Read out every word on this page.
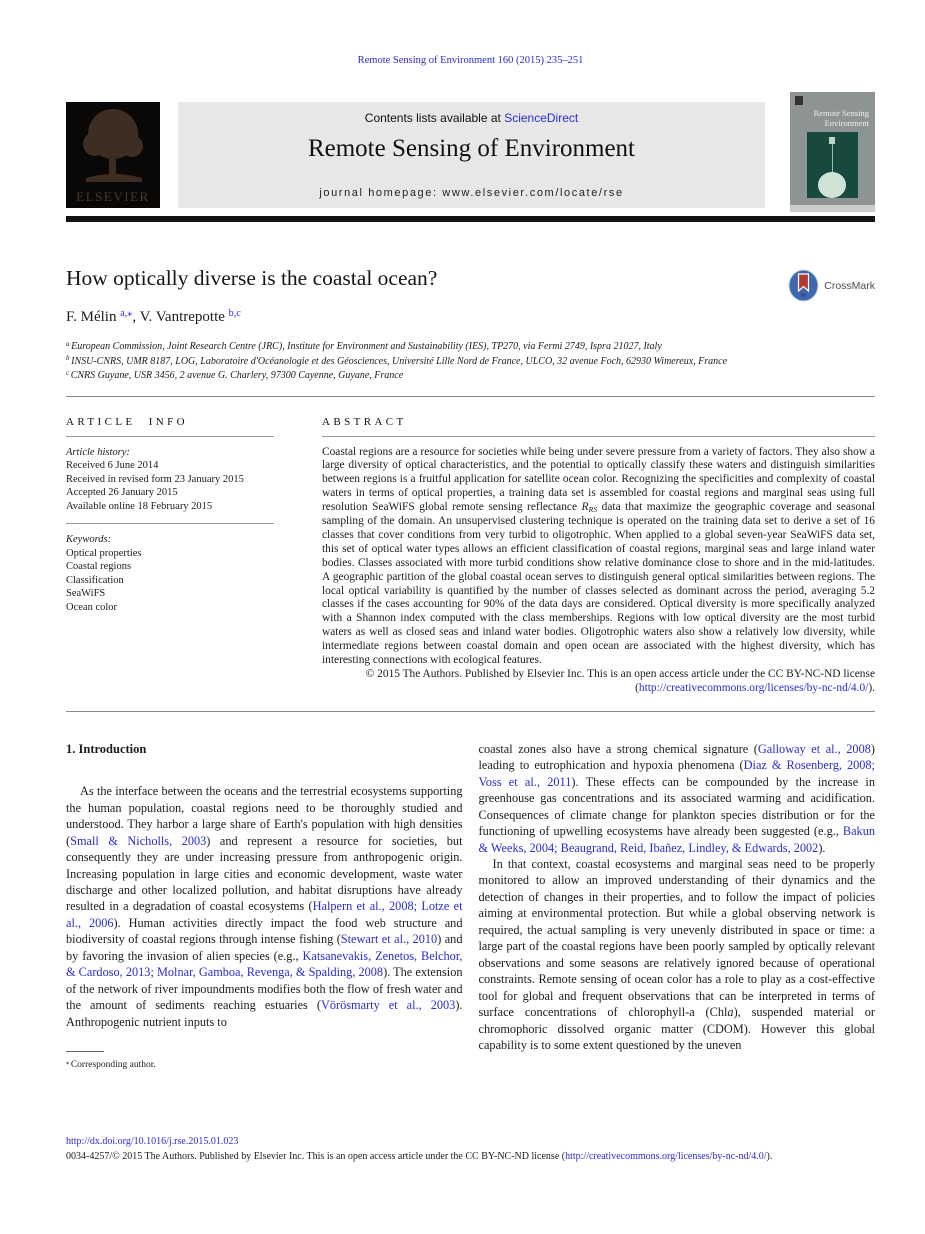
Remote Sensing of Environment 160 (2015) 235–251
ELSEVIER
Contents lists available at ScienceDirect
Remote Sensing of Environment
journal homepage: www.elsevier.com/locate/rse
Remote Sensing
Environment
How optically diverse is the coastal ocean?	CrossMark
F. Mélin $^{a,⁎}$, V. Vantrepotte $^{b,c}$
$^a$ European Commission, Joint Research Centre (JRC), Institute for Environment and Sustainability (IES), TP270, via Fermi 2749, Ispra 21027, Italy
$^b$ INSU-CNRS, UMR 8187, LOG, Laboratoire d'Océanologie et des Géosciences, Université Lille Nord de France, ULCO, 32 avenue Foch, 62930 Wimereux, France
$^c$ CNRS Guyane, USR 3456, 2 avenue G. Charlery, 97300 Cayenne, Guyane, France
ARTICLE INFO
Article history:
Received 6 June 2014
Received in revised form 23 January 2015
Accepted 26 January 2015
Available online 18 February 2015
Keywords:
Optical properties
Coastal regions
Classification
SeaWiFS
Ocean color
ABSTRACT
Coastal regions are a resource for societies while being under severe pressure from a variety of factors. They also show a large diversity of optical characteristics, and the potential to optically classify these waters and distinguish similarities between regions is a fruitful application for satellite ocean color. Recognizing the specificities and complexity of coastal waters in terms of optical properties, a training data set is assembled for coastal regions and marginal seas using full resolution SeaWiFS global remote sensing reflectance RRS data that maximize the geographic coverage and seasonal sampling of the domain. An unsupervised clustering technique is operated on the training data set to derive a set of 16 classes that cover conditions from very turbid to oligotrophic. When applied to a global seven-year SeaWiFS data set, this set of optical water types allows an efficient classification of coastal regions, marginal seas and large inland water bodies. Classes associated with more turbid conditions show relative dominance close to shore and in the mid-latitudes. A geographic partition of the global coastal ocean serves to distinguish general optical similarities between regions. The local optical variability is quantified by the number of classes selected as dominant across the period, averaging 5.2 classes if the cases accounting for 90% of the data days are considered. Optical diversity is more specifically analyzed with a Shannon index computed with the class memberships. Regions with low optical diversity are the most turbid waters as well as closed seas and inland water bodies. Oligotrophic waters also show a relatively low diversity, while intermediate regions between coastal domain and open ocean are associated with the highest diversity, which has interesting connections with ecological features.
© 2015 The Authors. Published by Elsevier Inc. This is an open access article under the CC BY-NC-ND license
(http://creativecommons.org/licenses/by-nc-nd/4.0/).
1. Introduction

As the interface between the oceans and the terrestrial ecosystems supporting the human population, coastal regions need to be thoroughly studied and understood. They harbor a large share of Earth's population with high densities (Small & Nicholls, 2003) and represent a resource for societies, but consequently they are under increasing pressure from anthropogenic origin. Increasing population in large cities and economic development, waste water discharge and other localized pollution, and habitat disruptions have already resulted in a degradation of coastal ecosystems (Halpern et al., 2008; Lotze et al., 2006). Human activities directly impact the food web structure and biodiversity of coastal regions through intense fishing (Stewart et al., 2010) and by favoring the invasion of alien species (e.g., Katsanevakis, Zenetos, Belchor, & Cardoso, 2013; Molnar, Gamboa, Revenga, & Spalding, 2008). The extension of the network of river impoundments modifies both the flow of fresh water and the amount of sediments reaching estuaries (Vörösmarty et al., 2003). Anthropogenic nutrient inputs to

⁎ Corresponding author.

coastal zones also have a strong chemical signature (Galloway et al., 2008) leading to eutrophication and hypoxia phenomena (Diaz & Rosenberg, 2008; Voss et al., 2011). These effects can be compounded by the increase in greenhouse gas concentrations and its associated warming and acidification. Consequences of climate change for plankton species distribution or for the functioning of upwelling ecosystems have already been suggested (e.g., Bakun & Weeks, 2004; Beaugrand, Reid, Ibañez, Lindley, & Edwards, 2002).

In that context, coastal ecosystems and marginal seas need to be properly monitored to allow an improved understanding of their dynamics and the detection of changes in their properties, and to follow the impact of policies aiming at environmental protection. But while a global observing network is required, the actual sampling is very unevenly distributed in space or time: a large part of the coastal regions have been poorly sampled by optically relevant observations and some seasons are relatively ignored because of operational constraints. Remote sensing of ocean color has a role to play as a cost-effective tool for global and frequent observations that can be interpreted in terms of surface concentrations of chlorophyll-a (Chla), suspended material or chromophoric dissolved organic matter (CDOM). However this global capability is to some extent questioned by the uneven

http://dx.doi.org/10.1016/j.rse.2015.01.023
0034-4257/© 2015 The Authors. Published by Elsevier Inc. This is an open access article under the CC BY-NC-ND license (http://creativecommons.org/licenses/by-nc-nd/4.0/).
